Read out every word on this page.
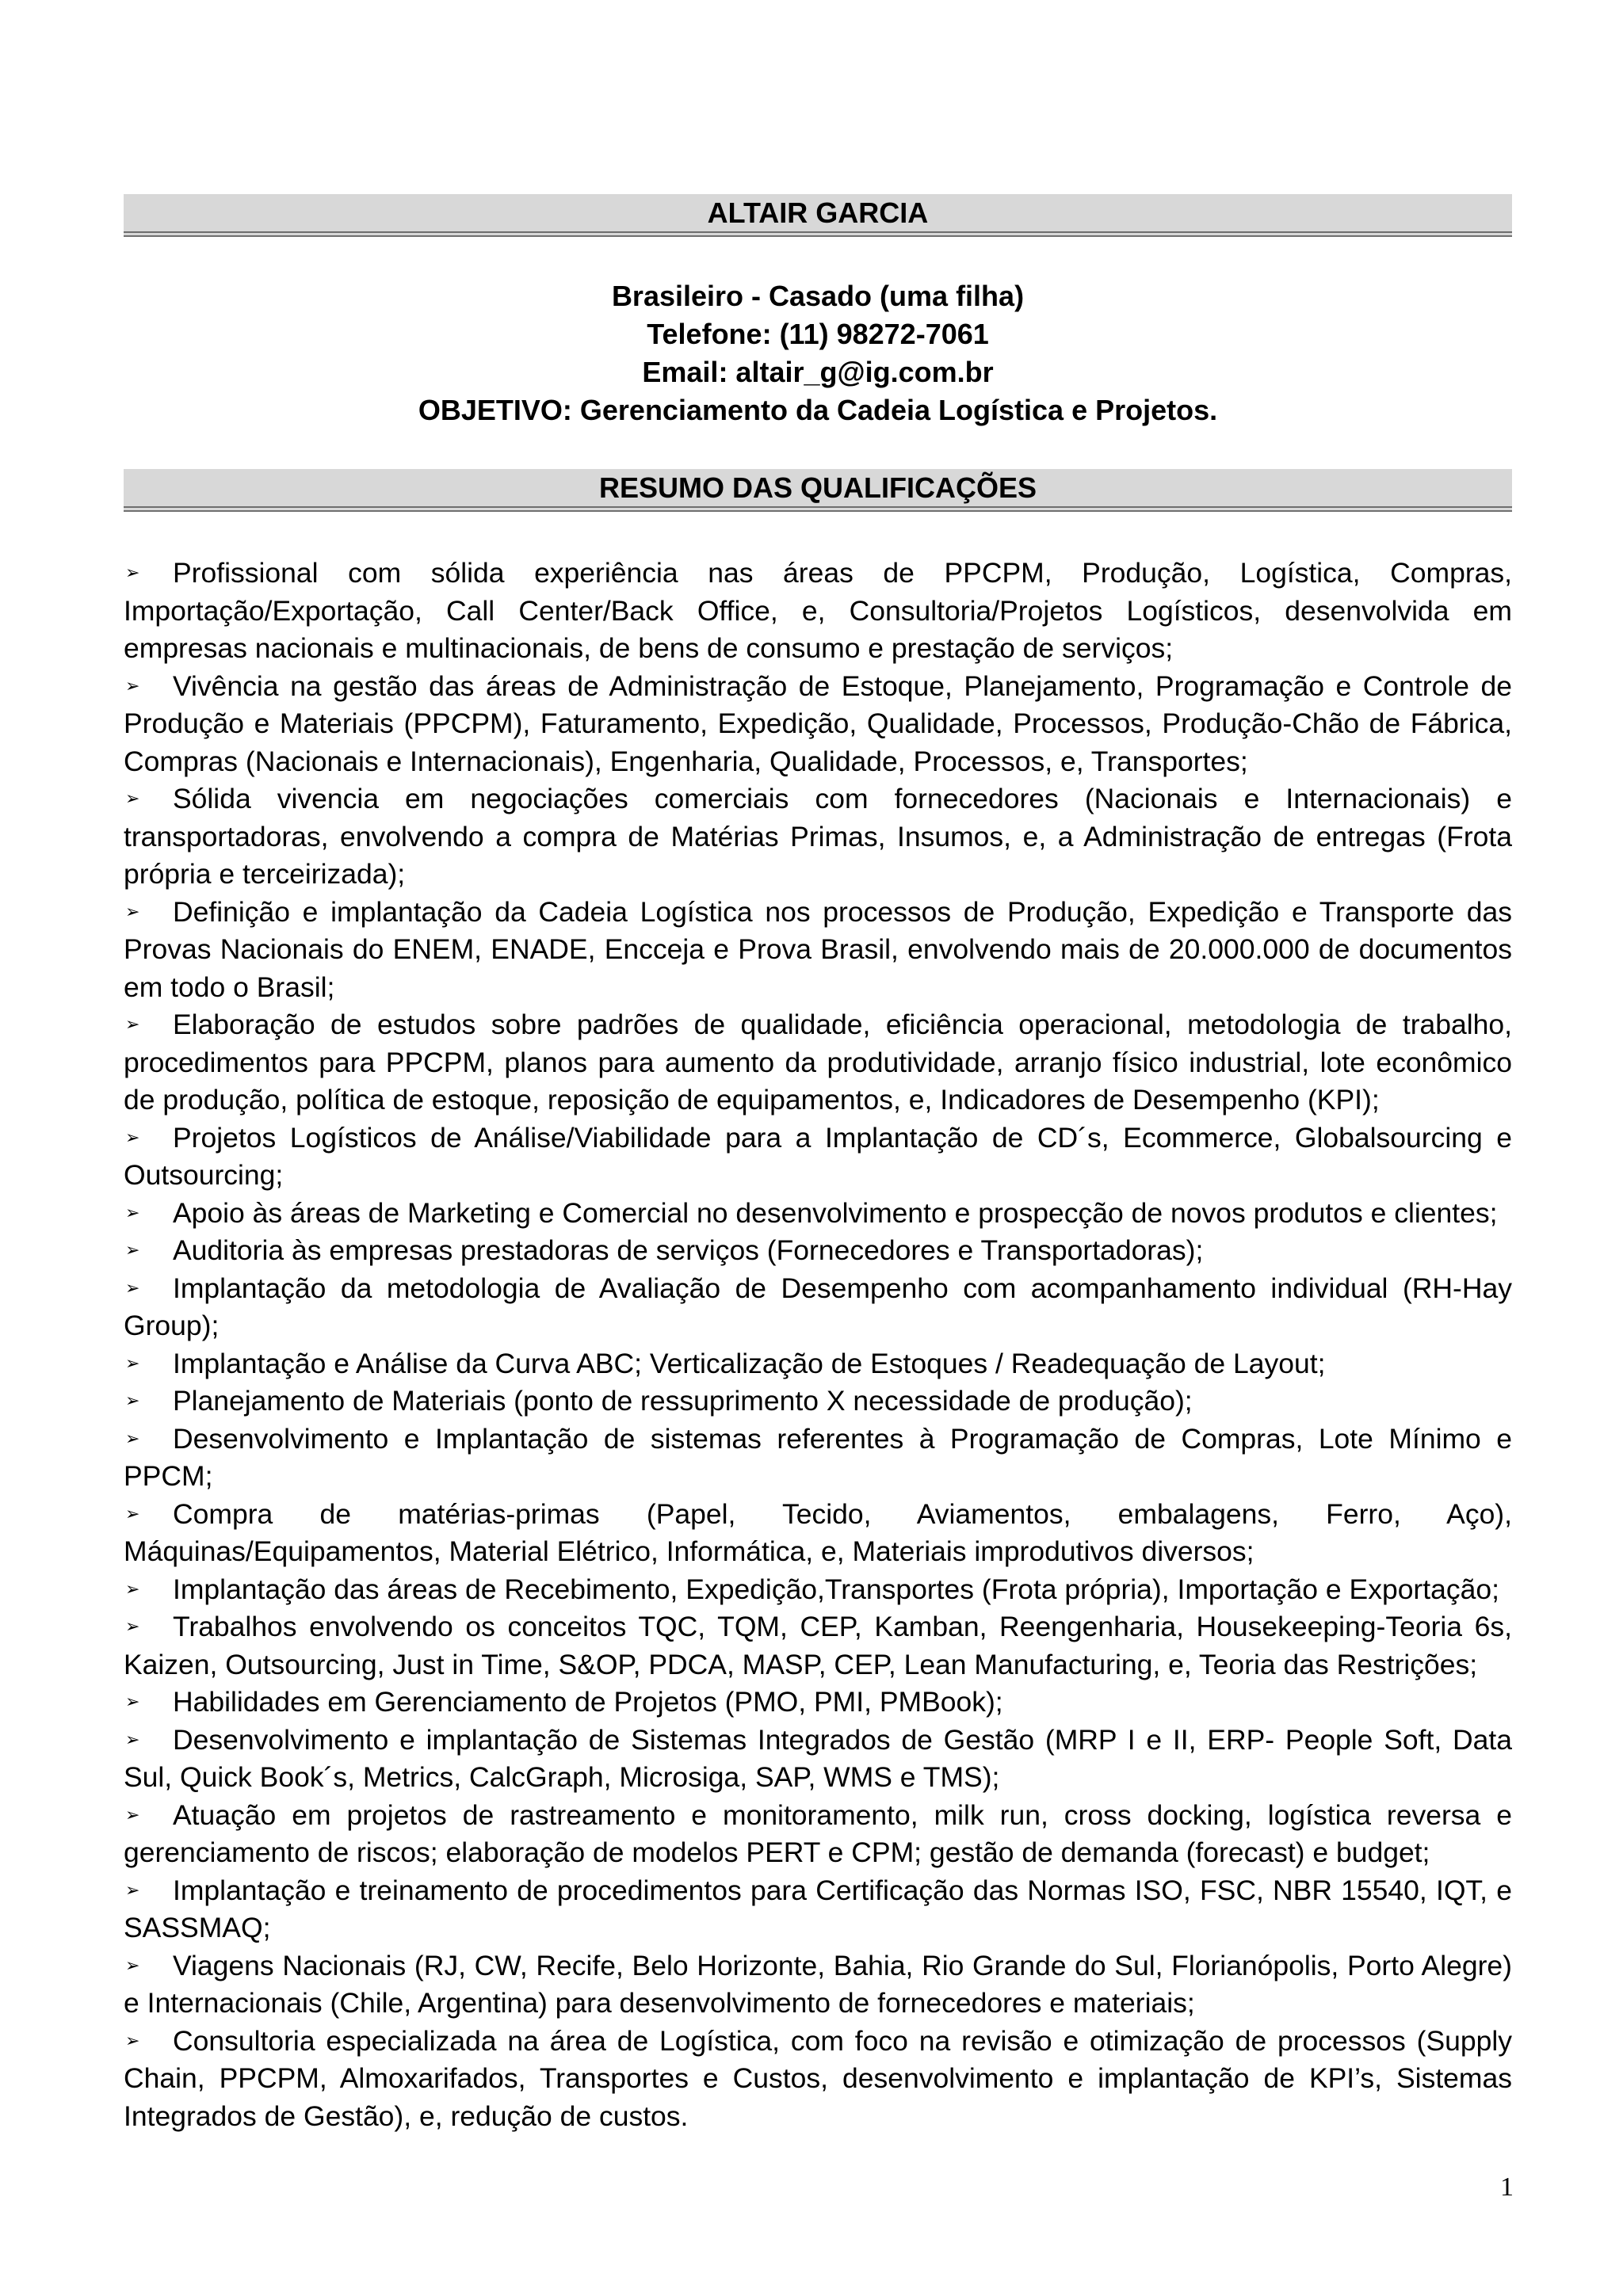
ALTAIR GARCIA
Brasileiro - Casado (uma filha)
Telefone: (11) 98272-7061
Email: altair_g@ig.com.br
OBJETIVO: Gerenciamento da Cadeia Logística e Projetos.
RESUMO DAS QUALIFICAÇÕES
➢	Profissional com sólida experiência nas áreas de PPCPM, Produção, Logística, Compras, Importação/Exportação, Call Center/Back Office, e, Consultoria/Projetos Logísticos, desenvolvida em empresas nacionais e multinacionais, de bens de consumo e prestação de serviços;
➢	Vivência na gestão das áreas de Administração de Estoque, Planejamento, Programação e Controle de Produção e Materiais (PPCPM), Faturamento, Expedição, Qualidade, Processos, Produção-Chão de Fábrica, Compras (Nacionais e Internacionais), Engenharia, Qualidade, Processos, e, Transportes;
➢	Sólida vivencia em negociações comerciais com fornecedores (Nacionais e Internacionais) e transportadoras, envolvendo a compra de Matérias Primas, Insumos, e, a Administração de entregas (Frota própria e terceirizada);
➢	Definição e implantação da Cadeia Logística nos processos de Produção, Expedição e Transporte das Provas Nacionais do ENEM, ENADE, Encceja e Prova Brasil, envolvendo mais de 20.000.000 de documentos em todo o Brasil;
➢	Elaboração de estudos sobre padrões de qualidade, eficiência operacional, metodologia de trabalho, procedimentos para PPCPM, planos para aumento da produtividade, arranjo físico industrial, lote econômico de produção, política de estoque, reposição de equipamentos, e, Indicadores de Desempenho (KPI);
➢	Projetos Logísticos de Análise/Viabilidade para a Implantação de CD´s, Ecommerce, Globalsourcing e Outsourcing;
➢	Apoio às áreas de Marketing e Comercial no desenvolvimento e prospecção de novos produtos e clientes;
➢	Auditoria às empresas prestadoras de serviços (Fornecedores e Transportadoras);
➢	Implantação da metodologia de Avaliação de Desempenho com acompanhamento individual (RH-Hay Group);
➢	Implantação e Análise da Curva ABC; Verticalização de Estoques / Readequação de Layout;
➢	Planejamento de Materiais (ponto de ressuprimento X necessidade de produção);
➢	Desenvolvimento e Implantação de sistemas referentes à Programação de Compras, Lote Mínimo e PPCM;
➢	Compra de matérias-primas (Papel, Tecido, Aviamentos, embalagens, Ferro, Aço), Máquinas/Equipamentos, Material Elétrico, Informática, e, Materiais improdutivos diversos;
➢	Implantação das áreas de Recebimento, Expedição,Transportes (Frota própria), Importação e Exportação;
➢	Trabalhos envolvendo os conceitos TQC, TQM, CEP, Kamban, Reengenharia, Housekeeping-Teoria 6s, Kaizen, Outsourcing, Just in Time, S&OP, PDCA, MASP, CEP, Lean Manufacturing, e, Teoria das Restrições;
➢	Habilidades em Gerenciamento de Projetos (PMO, PMI, PMBook);
➢	Desenvolvimento e implantação de Sistemas Integrados de Gestão (MRP I e II, ERP- People Soft, Data Sul, Quick Book´s, Metrics, CalcGraph, Microsiga, SAP, WMS e TMS);
➢	Atuação em projetos de rastreamento e monitoramento, milk run, cross docking, logística reversa e gerenciamento de riscos; elaboração de modelos PERT e CPM; gestão de demanda (forecast) e budget;
➢	Implantação e treinamento de procedimentos para Certificação das Normas ISO, FSC, NBR 15540, IQT, e SASSMAQ;
➢	Viagens Nacionais (RJ, CW, Recife, Belo Horizonte, Bahia, Rio Grande do Sul, Florianópolis, Porto Alegre) e Internacionais (Chile, Argentina) para desenvolvimento de fornecedores e materiais;
➢	Consultoria especializada na área de Logística, com foco na revisão e otimização de processos (Supply Chain, PPCPM, Almoxarifados, Transportes e Custos, desenvolvimento e implantação de KPI’s, Sistemas Integrados de Gestão), e, redução de custos.
1
